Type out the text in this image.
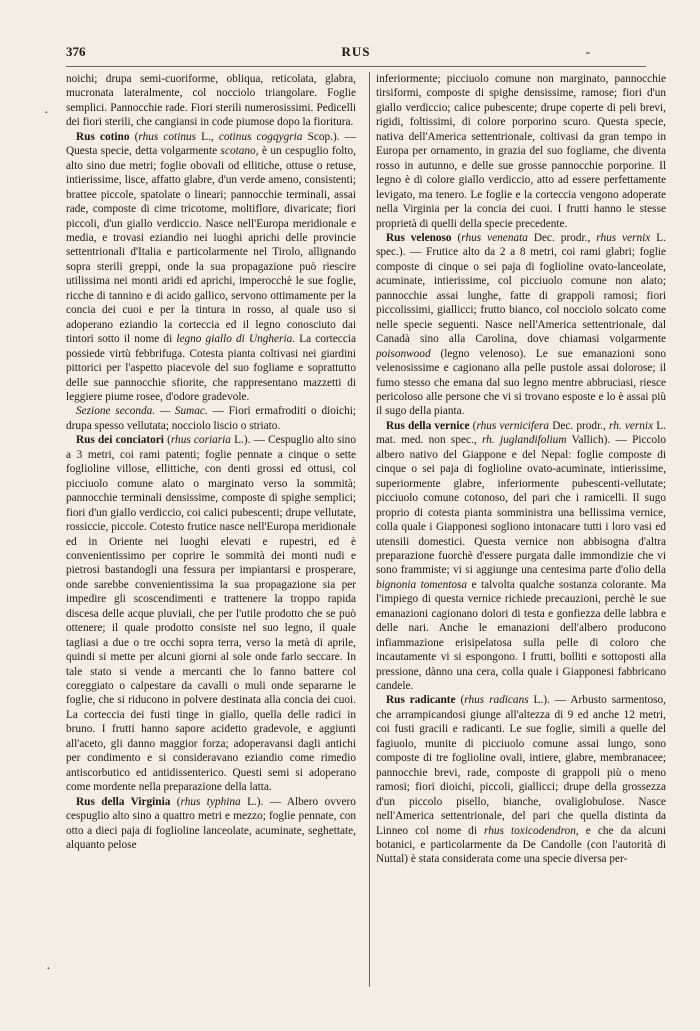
376	RUS	-

noichi; drupa semi-cuoriforme, obliqua, reticolata, glabra, mucronata lateralmente, col nocciolo triangolare. Foglie semplici. Pannocchie rade. Fiori sterili numerosissimi. Pedicelli dei fiori sterili, che cangiansi in code piumose dopo la fioritura.

Rus cotino (rhus cotinus L., cotinus cogqygria Scop.). — Questa specie, detta volgarmente scotano, è un cespuglio folto, alto sino due metri; foglie obovali od ellitiche, ottuse o retuse, intierissime, lisce, affatto glabre, d'un verde ameno, consistenti; brattee piccole, spatolate o lineari; pannocchie terminali, assai rade, composte di cime tricotome, moltiflore, divaricate; fiori piccoli, d'un giallo verdiccio. Nasce nell'Europa meridionale e media, e trovasi eziandio nei luoghi aprichi delle provincie settentrionali d'Italia e particolarmente nel Tirolo, allignando sopra sterili greppi, onde la sua propagazione può riescire utilissima nei monti aridi ed aprichi, imperocchè le sue foglie, ricche di tannino e di acido gallico, servono ottimamente per la concia dei cuoi e per la tintura in rosso, al quale uso si adoperano eziandio la corteccia ed il legno conosciuto dai tintori sotto il nome di legno giallo di Ungheria. La corteccia possiede virtù febbrifuga. Cotesta pianta coltivasi nei giardini pittorici per l'aspetto piacevole del suo fogliame e soprattutto delle sue pannocchie sfiorite, che rappresentano mazzetti di leggiere piume rosee, d'odore gradevole.

Sezione seconda. — Sumac. — Fiori ermafroditi o dioichi; drupa spesso vellutata; nocciolo liscio o striato.

Rus dei conciatori (rhus coriaria L.). — Cespuglio alto sino a 3 metri, coi rami patenti; foglie pennate a cinque o sette foglioline villose, ellittiche, con denti grossi ed ottusi, col picciuolo comune alato o marginato verso la sommità; pannocchie terminali densissime, composte di spighe semplici; fiori d'un giallo verdiccio, coi calici pubescenti; drupe vellutate, rossiccie, piccole. Cotesto frutice nasce nell'Europa meridionale ed in Oriente nei luoghi elevati e rupestri, ed è convenientissimo per coprire le sommità dei monti nudi e pietrosi bastandogli una fessura per impiantarsi e prosperare, onde sarebbe convenientissima la sua propagazione sia per impedire gli scoscendimenti e trattenere la troppo rapida discesa delle acque pluviali, che per l'utile prodotto che se può ottenere; il quale prodotto consiste nel suo legno, il quale tagliasi a due o tre occhi sopra terra, verso la metà di aprile, quindi si mette per alcuni giorni al sole onde farlo seccare. In tale stato si vende a mercanti che lo fanno battere col coreggiato o calpestare da cavalli o muli onde separarne le foglie, che si riducono in polvere destinata alla concia dei cuoi. La corteccia dei fusti tinge in giallo, quella delle radici in bruno. I frutti hanno sapore acidetto gradevole, e aggiunti all'aceto, gli danno maggior forza; adoperavansi dagli antichi per condimento e si consideravano eziandio come rimedio antiscorbutico ed antidissenterico. Questi semi si adoperano come mordente nella preparazione della latta.

Rus della Virginia (rhus typhina L.). — Albero ovvero cespuglio alto sino a quattro metri e mezzo; foglie pennate, con otto a dieci paja di foglioline lanceolate, acuminate, seghettate, alquanto pelose

inferiormente; picciuolo comune non marginato, pannocchie tirsiformi, composte di spighe densissime, ramose; fiori d'un giallo verdiccio; calice pubescente; drupe coperte di peli brevi, rigidi, foltissimi, di colore porporino scuro. Questa specie, nativa dell'America settentrionale, coltivasi da gran tempo in Europa per ornamento, in grazia del suo fogliame, che diventa rosso in autunno, e delle sue grosse pannocchie porporine. Il legno è di colore giallo verdiccio, atto ad essere perfettamente levigato, ma tenero. Le foglie e la corteccia vengono adoperate nella Virginia per la concia dei cuoi. I frutti hanno le stesse proprietà di quelli della specie precedente.

Rus velenoso (rhus venenata Dec. prodr., rhus vernix L. spec.). — Frutice alto da 2 a 8 metri, coi rami glabri; foglie composte di cinque o sei paja di foglioline ovato-lanceolate, acuminate, intierissime, col picciuolo comune non alato; pannocchie assai lunghe, fatte di grappoli ramosi; fiori piccolissimi, giallicci; frutto bianco, col nocciolo solcato come nelle specie seguenti. Nasce nell'America settentrionale, dal Canadà sino alla Carolina, dove chiamasi volgarmente poisonwood (legno velenoso). Le sue emanazioni sono velenosissime e cagionano alla pelle pustole assai dolorose; il fumo stesso che emana dal suo legno mentre abbruciasi, riesce pericoloso alle persone che vi si trovano esposte e lo è assai più il sugo della pianta.

Rus della vernice (rhus vernicifera Dec. prodr., rh. vernix L. mat. med. non spec., rh. juglandifolium Vallich). — Piccolo albero nativo del Giappone e del Nepal: foglie composte di cinque o sei paja di foglioline ovato-acuminate, intierissime, superiormente glabre, inferiormente pubescenti-vellutate; picciuolo comune cotonoso, del pari che i ramicelli. Il sugo proprio di cotesta pianta somministra una bellissima vernice, colla quale i Giapponesi sogliono intonacare tutti i loro vasi ed utensili domestici. Questa vernice non abbisogna d'altra preparazione fuorchè d'essere purgata dalle immondizie che vi sono frammiste; vi si aggiunge una centesima parte d'olio della bignonia tomentosa e talvolta qualche sostanza colorante. Ma l'impiego di questa vernice richiede precauzioni, perchè le sue emanazioni cagionano dolori di testa e gonfiezza delle labbra e delle nari. Anche le emanazioni dell'albero producono infiammazione erisipelatosa sulla pelle di coloro che incautamente vi si espongono. I frutti, bolliti e sottoposti alla pressione, dànno una cera, colla quale i Giapponesi fabbricano candele.

Rus radicante (rhus radicans L.). — Arbusto sarmentoso, che arrampicandosi giunge all'altezza di 9 ed anche 12 metri, coi fusti gracili e radicanti. Le sue foglie, simili a quelle del fagiuolo, munite di picciuolo comune assai lungo, sono composte di tre foglioline ovali, intiere, glabre, membranacee; pannocchie brevi, rade, composte di grappoli più o meno ramosi; fiori dioichi, piccoli, giallicci; drupe della grossezza d'un piccolo pisello, bianche, ovaliglobulose. Nasce nell'America settentrionale, del pari che quella distinta da Linneo col nome di rhus toxicodendron, e che da alcuni botanici, e particolarmente da De Candolle (con l'autorità di Nuttal) è stata considerata come una specie diversa per-

·
·
